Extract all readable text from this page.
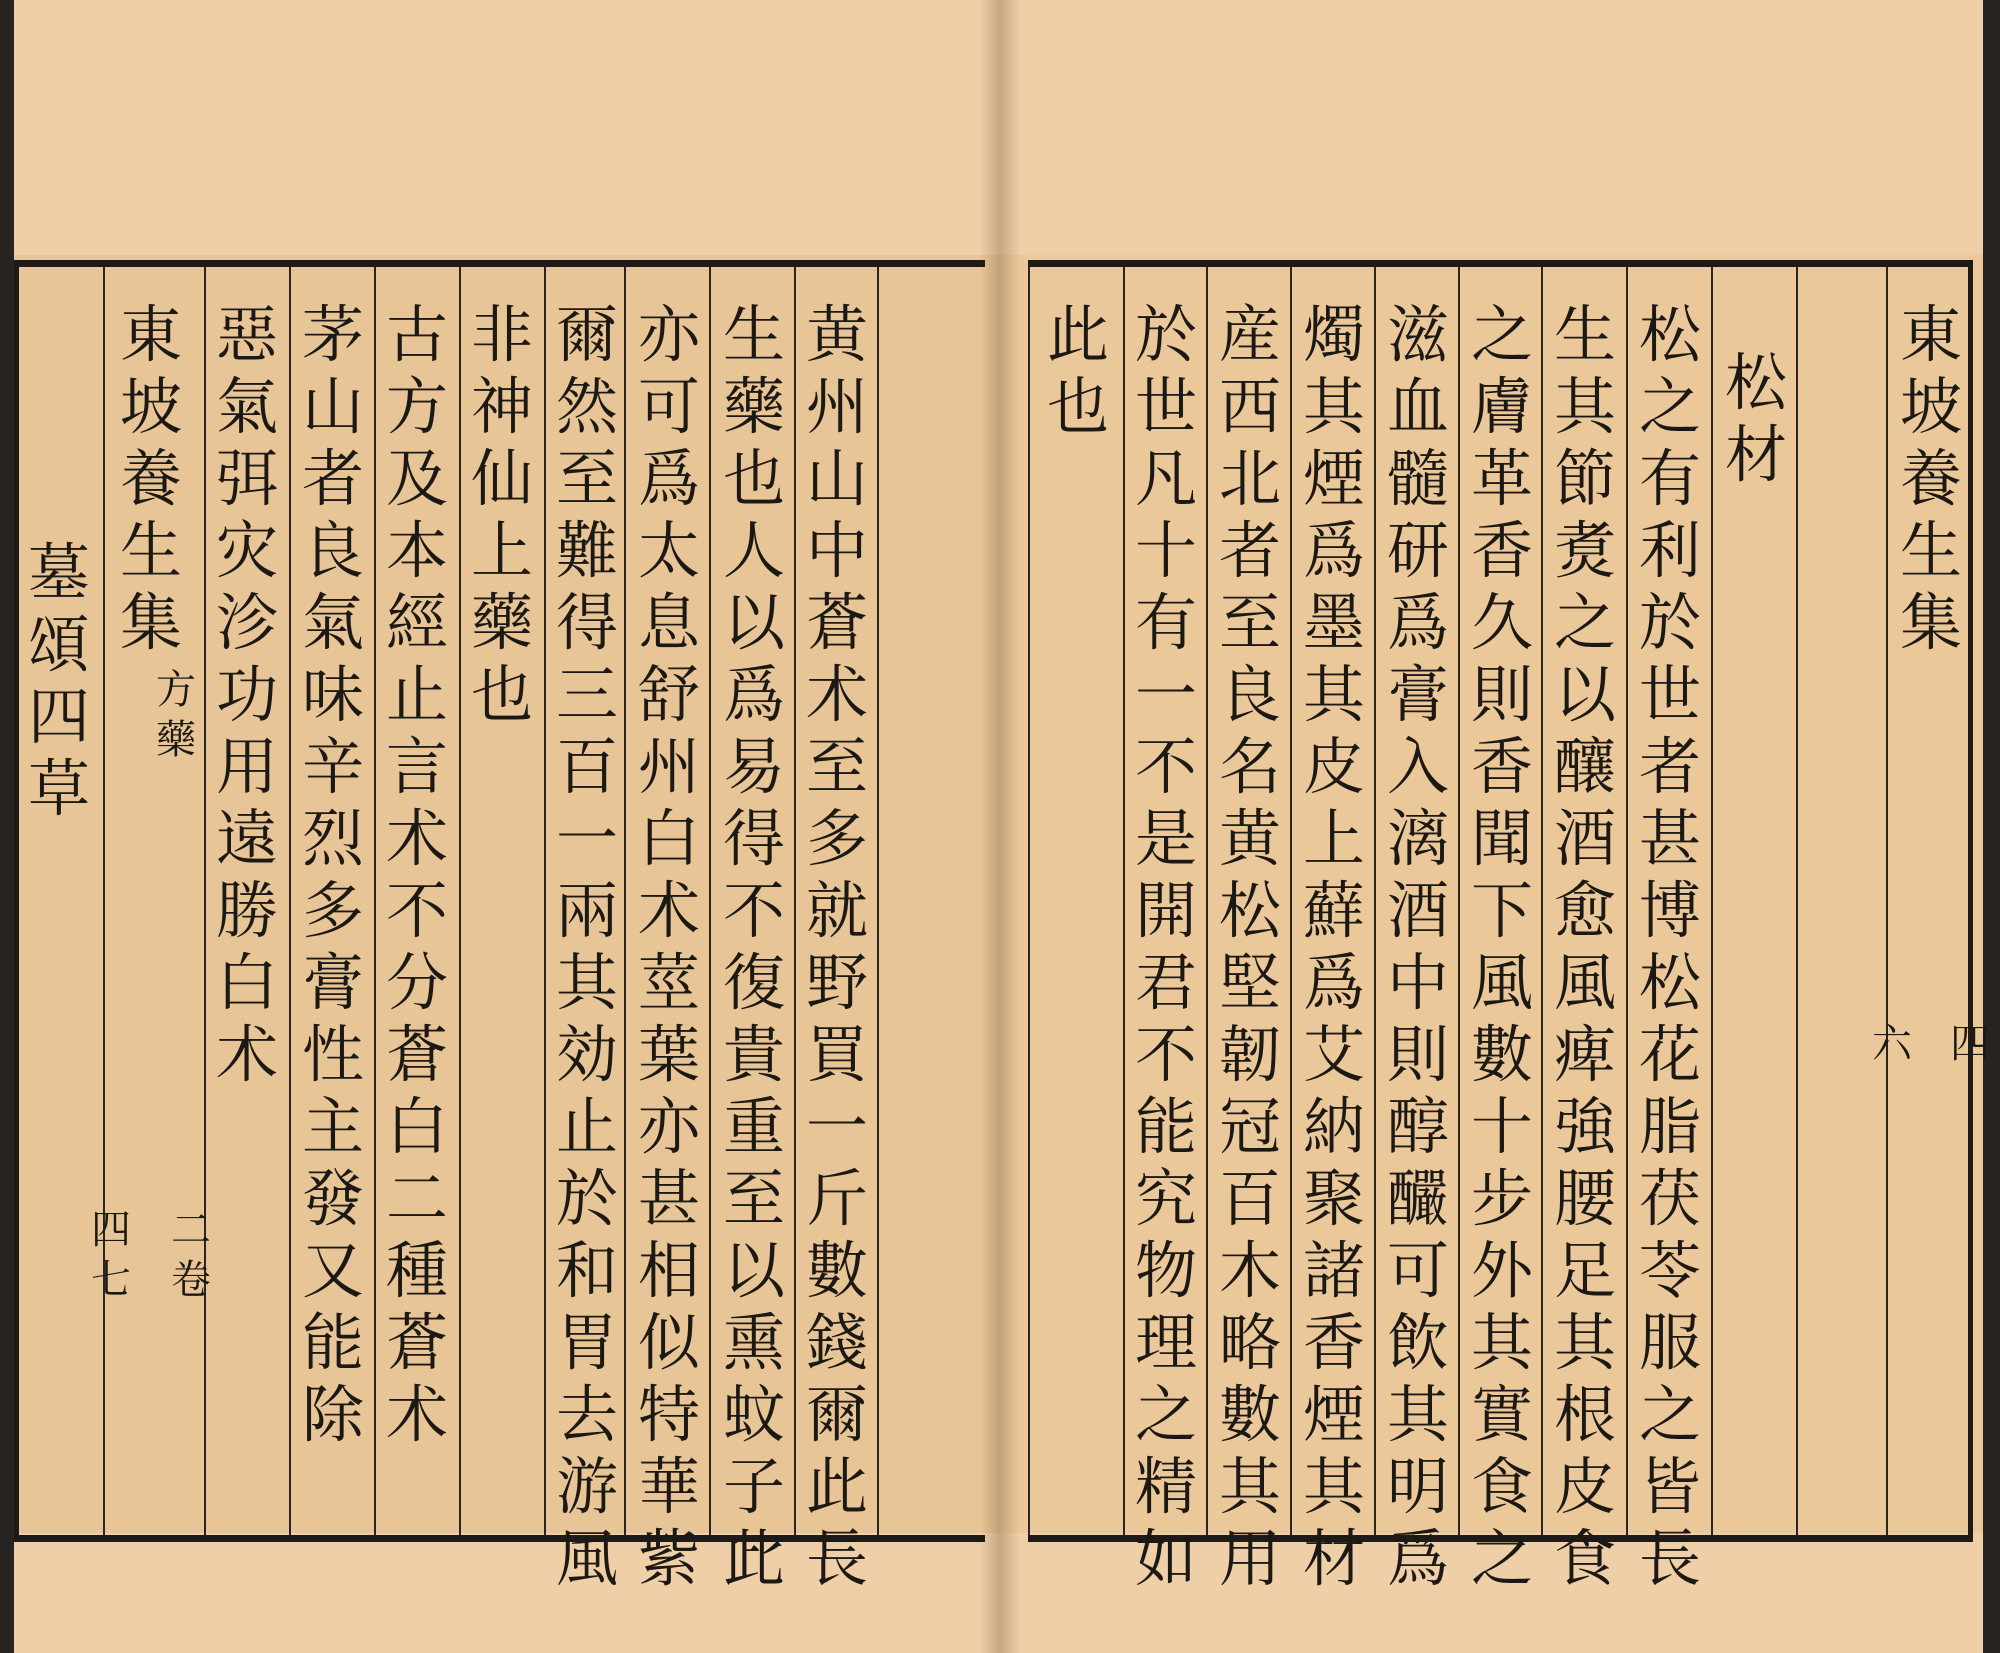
墓
頌
四
草
東
坡
養
生
集
方
藥
四
七
二
卷
惡
氣
弭
灾
沴
功
用
遠
勝
白
术
茅
山
者
良
氣
味
辛
烈
多
膏
性
主
發
又
能
除
古
方
及
本
經
止
言
术
不
分
蒼
白
二
種
蒼
术
非
神
仙
上
藥
也
爾
然
至
難
得
三
百
一
兩
其
効
止
於
和
胃
去
游
風
亦
可
爲
太
息
舒
州
白
术
莖
葉
亦
甚
相
似
特
華
紫
生
藥
也
人
以
爲
易
得
不
復
貴
重
至
以
熏
蚊
子
此
黄
州
山
中
蒼
术
至
多
就
野
買
一
斤
數
錢
爾
此
長
此
也
於
世
凡
十
有
一
不
是
開
君
不
能
究
物
理
之
精
如
産
西
北
者
至
良
名
黄
松
堅
韌
冠
百
木
略
數
其
用
燭
其
煙
爲
墨
其
皮
上
蘚
爲
艾
納
聚
諸
香
煙
其
材
滋
血
髓
研
爲
膏
入
漓
酒
中
則
醇
釅
可
飲
其
明
爲
之
膚
革
香
久
則
香
聞
下
風
數
十
步
外
其
實
食
之
生
其
節
煑
之
以
釀
酒
愈
風
痺
強
腰
足
其
根
皮
食
松
之
有
利
於
世
者
甚
博
松
花
脂
茯
苓
服
之
皆
長
松
材
東
坡
養
生
集
四
六
